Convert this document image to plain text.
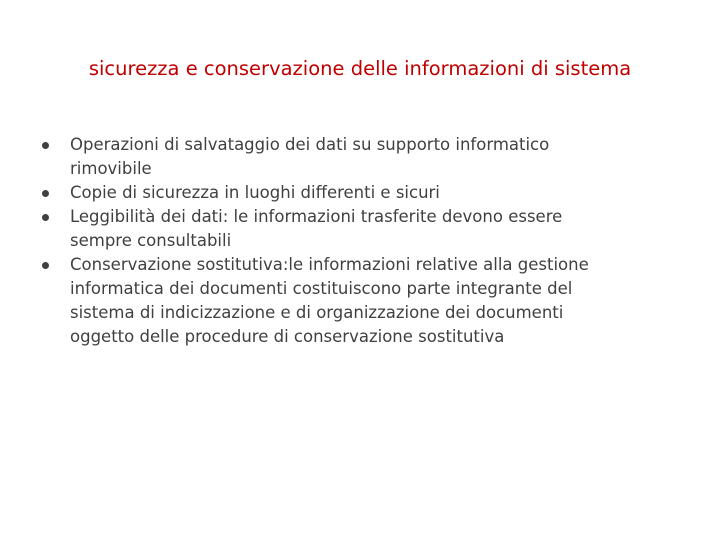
sicurezza e conservazione delle informazioni di sistema
Operazioni di salvataggio dei dati su supporto informatico
rimovibile
Copie di sicurezza in luoghi differenti e sicuri
Leggibilità dei dati: le informazioni trasferite devono essere
sempre consultabili
Conservazione sostitutiva:le informazioni relative alla gestione
informatica dei documenti costituiscono parte integrante del
sistema di indicizzazione e di organizzazione dei documenti
oggetto delle procedure di conservazione sostitutiva
